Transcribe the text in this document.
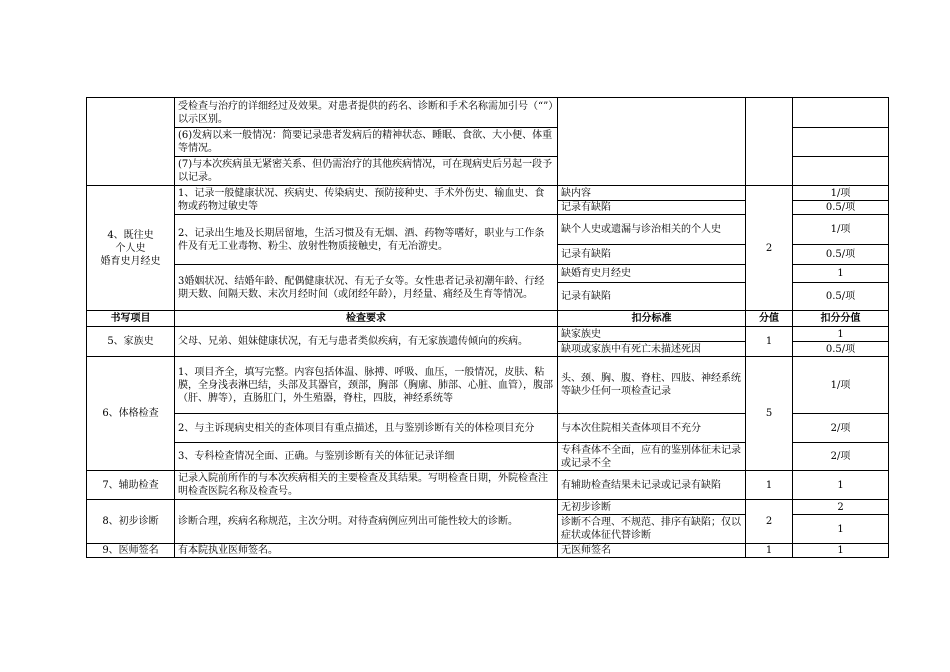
	受检查与治疗的详细经过及效果。对患者提供的药名、诊断和手术名称需加引号（“”）以示区别。			
	(6)发病以来一般情况：简要记录患者发病后的精神状态、睡眠、食欲、大小便、体重等情况。			
	(7)与本次疾病虽无紧密关系、但仍需治疗的其他疾病情况，可在现病史后另起一段予以记录。			
4、既往史
个人史
婚育史月经史	1、记录一般健康状况、疾病史、传染病史、预防接种史、手术外伤史、输血史、食物或药物过敏史等	缺内容	2	1/项
		记录有缺陷		0.5/项
	2、记录出生地及长期居留地，生活习惯及有无烟、酒、药物等嗜好，职业与工作条件及有无工业毒物、粉尘、放射性物质接触史，有无冶游史。	缺个人史或遗漏与诊治相关的个人史		1/项
		记录有缺陷		0.5/项
	3婚姻状况、结婚年龄、配偶健康状况、有无子女等。女性患者记录初潮年龄、行经期天数、间隔天数、末次月经时间（或闭经年龄），月经量、痛经及生育等情况。	缺婚育史月经史		1
		记录有缺陷		0.5/项
书写项目	检查要求	扣分标准	分值	扣分分值
5、家族史	父母、兄弟、姐妹健康状况，有无与患者类似疾病，有无家族遗传倾向的疾病。	缺家族史	1	1
		缺项或家族中有死亡未描述死因		0.5/项
6、体格检查	1、项目齐全，填写完整。内容包括体温、脉搏、呼吸、血压，一般情况，皮肤、粘膜，全身浅表淋巴结，头部及其器官，颈部，胸部（胸廓、肺部、心脏、血管），腹部（肝、脾等），直肠肛门，外生殖器，脊柱，四肢，神经系统等	头、颈、胸、腹、脊柱、四肢、神经系统等缺少任何一项检查记录	5	1/项
	2、与主诉现病史相关的查体项目有重点描述，且与鉴别诊断有关的体检项目充分	与本次住院相关查体项目不充分		2/项
	3、专科检查情况全面、正确。与鉴别诊断有关的体征记录详细	专科查体不全面，应有的鉴别体征未记录或记录不全		2/项
7、辅助检查	记录入院前所作的与本次疾病相关的主要检查及其结果。写明检查日期，外院检查注明检查医院名称及检查号。	有辅助检查结果未记录或记录有缺陷	1	1
8、初步诊断	诊断合理，疾病名称规范，主次分明。对待查病例应列出可能性较大的诊断。	无初步诊断	2	2
		诊断不合理、不规范、排序有缺陷；仅以症状或体征代替诊断		1
9、医师签名	有本院执业医师签名。	无医师签名	1	1
